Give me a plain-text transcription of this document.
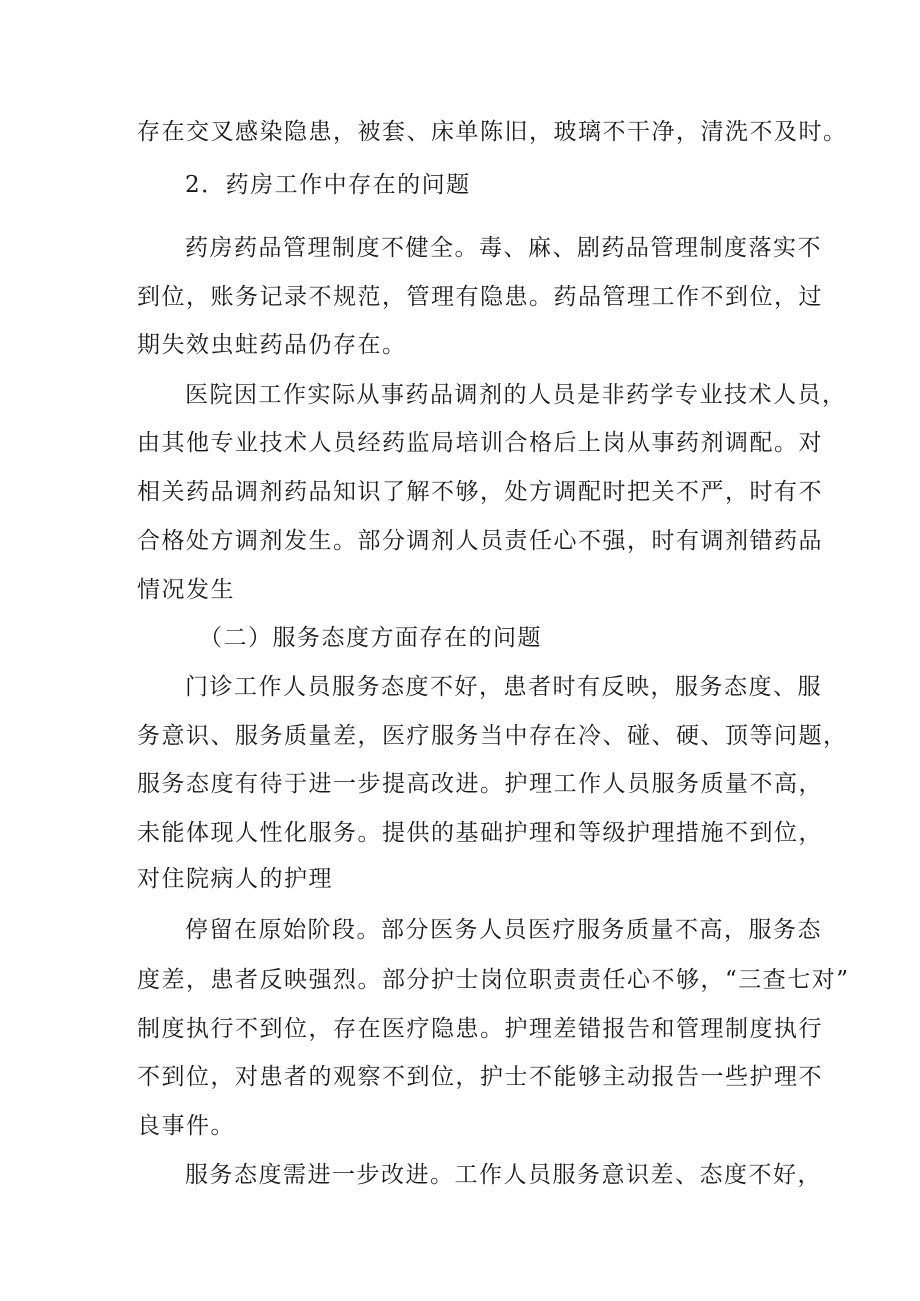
存在交叉感染隐患，被套、床单陈旧，玻璃不干净，清洗不及时。
2．药房工作中存在的问题
药房药品管理制度不健全。毒、麻、剧药品管理制度落实不
到位，账务记录不规范，管理有隐患。药品管理工作不到位，过
期失效虫蛀药品仍存在。
医院因工作实际从事药品调剂的人员是非药学专业技术人员，
由其他专业技术人员经药监局培训合格后上岗从事药剂调配。对
相关药品调剂药品知识了解不够，处方调配时把关不严，时有不
合格处方调剂发生。部分调剂人员责任心不强，时有调剂错药品
情况发生
（二）服务态度方面存在的问题
门诊工作人员服务态度不好，患者时有反映，服务态度、服
务意识、服务质量差，医疗服务当中存在冷、碰、硬、顶等问题，
服务态度有待于进一步提高改进。护理工作人员服务质量不高，
未能体现人性化服务。提供的基础护理和等级护理措施不到位，
对住院病人的护理
停留在原始阶段。部分医务人员医疗服务质量不高，服务态
度差，患者反映强烈。部分护士岗位职责责任心不够，“三查七对”
制度执行不到位，存在医疗隐患。护理差错报告和管理制度执行
不到位，对患者的观察不到位，护士不能够主动报告一些护理不
良事件。
服务态度需进一步改进。工作人员服务意识差、态度不好，
